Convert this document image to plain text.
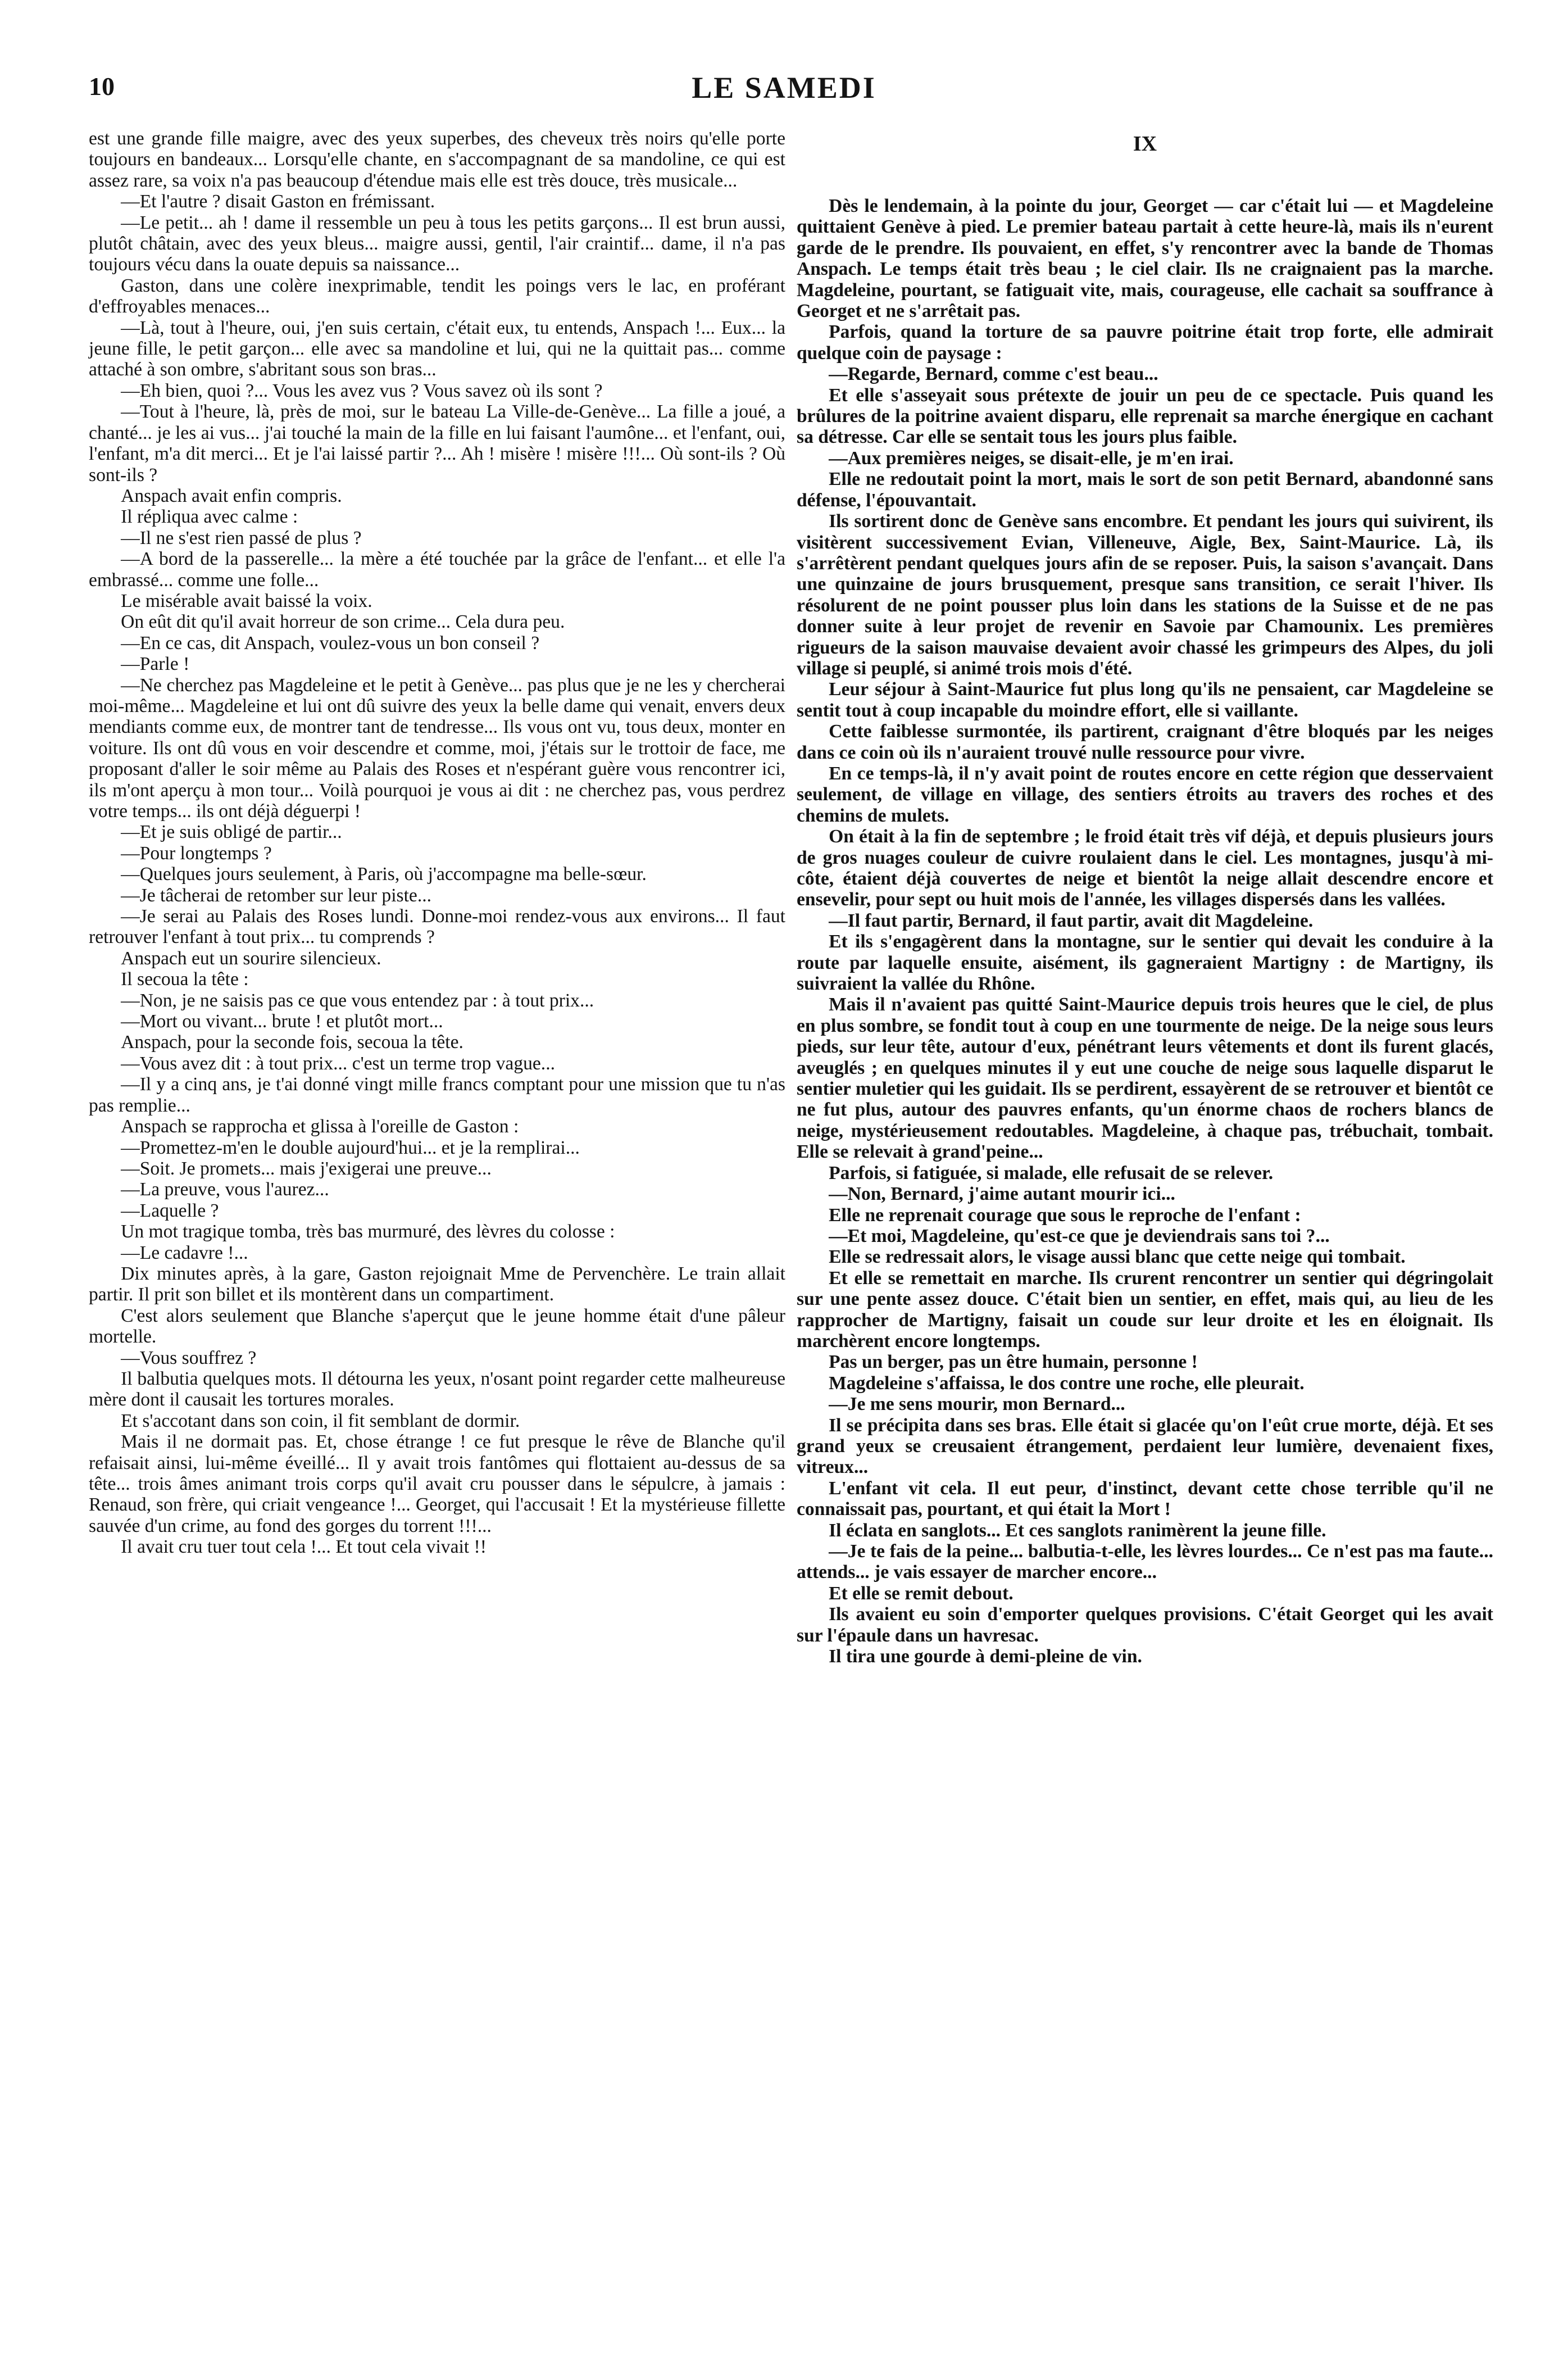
10	LE SAMEDI

est une grande fille maigre, avec des yeux superbes, des cheveux très noirs qu'elle porte toujours en bandeaux... Lorsqu'elle chante, en s'accompagnant de sa mandoline, ce qui est assez rare, sa voix n'a pas beaucoup d'étendue mais elle est très douce, très musicale...

—Et l'autre ? disait Gaston en frémissant.

—Le petit... ah ! dame il ressemble un peu à tous les petits garçons... Il est brun aussi, plutôt châtain, avec des yeux bleus... maigre aussi, gentil, l'air craintif... dame, il n'a pas toujours vécu dans la ouate depuis sa naissance...

Gaston, dans une colère inexprimable, tendit les poings vers le lac, en proférant d'effroyables menaces...

—Là, tout à l'heure, oui, j'en suis certain, c'était eux, tu entends, Anspach !... Eux... la jeune fille, le petit garçon... elle avec sa mandoline et lui, qui ne la quittait pas... comme attaché à son ombre, s'abritant sous son bras...

—Eh bien, quoi ?... Vous les avez vus ? Vous savez où ils sont ?

—Tout à l'heure, là, près de moi, sur le bateau La Ville-de-Genève... La fille a joué, a chanté... je les ai vus... j'ai touché la main de la fille en lui faisant l'aumône... et l'enfant, oui, l'enfant, m'a dit merci... Et je l'ai laissé partir ?... Ah ! misère ! misère !!!... Où sont-ils ? Où sont-ils ?

Anspach avait enfin compris.

Il répliqua avec calme :

—Il ne s'est rien passé de plus ?

—A bord de la passerelle... la mère a été touchée par la grâce de l'enfant... et elle l'a embrassé... comme une folle...

Le misérable avait baissé la voix.

On eût dit qu'il avait horreur de son crime... Cela dura peu.

—En ce cas, dit Anspach, voulez-vous un bon conseil ?

—Parle !

—Ne cherchez pas Magdeleine et le petit à Genève... pas plus que je ne les y chercherai moi-même... Magdeleine et lui ont dû suivre des yeux la belle dame qui venait, envers deux mendiants comme eux, de montrer tant de tendresse... Ils vous ont vu, tous deux, monter en voiture. Ils ont dû vous en voir descendre et comme, moi, j'étais sur le trottoir de face, me proposant d'aller le soir même au Palais des Roses et n'espérant guère vous rencontrer ici, ils m'ont aperçu à mon tour... Voilà pourquoi je vous ai dit : ne cherchez pas, vous perdrez votre temps... ils ont déjà déguerpi !

—Et je suis obligé de partir...

—Pour longtemps ?

—Quelques jours seulement, à Paris, où j'accompagne ma belle-sœur.

—Je tâcherai de retomber sur leur piste...

—Je serai au Palais des Roses lundi. Donne-moi rendez-vous aux environs... Il faut retrouver l'enfant à tout prix... tu comprends ?

Anspach eut un sourire silencieux.

Il secoua la tête :

—Non, je ne saisis pas ce que vous entendez par : à tout prix...

—Mort ou vivant... brute ! et plutôt mort...

Anspach, pour la seconde fois, secoua la tête.

—Vous avez dit : à tout prix... c'est un terme trop vague...

—Il y a cinq ans, je t'ai donné vingt mille francs comptant pour une mission que tu n'as pas remplie...

Anspach se rapprocha et glissa à l'oreille de Gaston :

—Promettez-m'en le double aujourd'hui... et je la remplirai...

—Soit. Je promets... mais j'exigerai une preuve...

—La preuve, vous l'aurez...

—Laquelle ?

Un mot tragique tomba, très bas murmuré, des lèvres du colosse :

—Le cadavre !...

Dix minutes après, à la gare, Gaston rejoignait Mme de Pervenchère. Le train allait partir. Il prit son billet et ils montèrent dans un compartiment.

C'est alors seulement que Blanche s'aperçut que le jeune homme était d'une pâleur mortelle.

—Vous souffrez ?

Il balbutia quelques mots. Il détourna les yeux, n'osant point regarder cette malheureuse mère dont il causait les tortures morales.

Et s'accotant dans son coin, il fit semblant de dormir.

Mais il ne dormait pas. Et, chose étrange ! ce fut presque le rêve de Blanche qu'il refaisait ainsi, lui-même éveillé... Il y avait trois fantômes qui flottaient au-dessus de sa tête... trois âmes animant trois corps qu'il avait cru pousser dans le sépulcre, à jamais : Renaud, son frère, qui criait vengeance !... Georget, qui l'accusait ! Et la mystérieuse fillette sauvée d'un crime, au fond des gorges du torrent !!!...

Il avait cru tuer tout cela !... Et tout cela vivait !!

IX

Dès le lendemain, à la pointe du jour, Georget — car c'était lui — et Magdeleine quittaient Genève à pied. Le premier bateau partait à cette heure-là, mais ils n'eurent garde de le prendre. Ils pouvaient, en effet, s'y rencontrer avec la bande de Thomas Anspach. Le temps était très beau ; le ciel clair. Ils ne craignaient pas la marche. Magdeleine, pourtant, se fatiguait vite, mais, courageuse, elle cachait sa souffrance à Georget et ne s'arrêtait pas.

Parfois, quand la torture de sa pauvre poitrine était trop forte, elle admirait quelque coin de paysage :

—Regarde, Bernard, comme c'est beau...

Et elle s'asseyait sous prétexte de jouir un peu de ce spectacle. Puis quand les brûlures de la poitrine avaient disparu, elle reprenait sa marche énergique en cachant sa détresse. Car elle se sentait tous les jours plus faible.

—Aux premières neiges, se disait-elle, je m'en irai.

Elle ne redoutait point la mort, mais le sort de son petit Bernard, abandonné sans défense, l'épouvantait.

Ils sortirent donc de Genève sans encombre. Et pendant les jours qui suivirent, ils visitèrent successivement Evian, Villeneuve, Aigle, Bex, Saint-Maurice. Là, ils s'arrêtèrent pendant quelques jours afin de se reposer. Puis, la saison s'avançait. Dans une quinzaine de jours brusquement, presque sans transition, ce serait l'hiver. Ils résolurent de ne point pousser plus loin dans les stations de la Suisse et de ne pas donner suite à leur projet de revenir en Savoie par Chamounix. Les premières rigueurs de la saison mauvaise devaient avoir chassé les grimpeurs des Alpes, du joli village si peuplé, si animé trois mois d'été.

Leur séjour à Saint-Maurice fut plus long qu'ils ne pensaient, car Magdeleine se sentit tout à coup incapable du moindre effort, elle si vaillante.

Cette faiblesse surmontée, ils partirent, craignant d'être bloqués par les neiges dans ce coin où ils n'auraient trouvé nulle ressource pour vivre.

En ce temps-là, il n'y avait point de routes encore en cette région que desservaient seulement, de village en village, des sentiers étroits au travers des roches et des chemins de mulets.

On était à la fin de septembre ; le froid était très vif déjà, et depuis plusieurs jours de gros nuages couleur de cuivre roulaient dans le ciel. Les montagnes, jusqu'à mi-côte, étaient déjà couvertes de neige et bientôt la neige allait descendre encore et ensevelir, pour sept ou huit mois de l'année, les villages dispersés dans les vallées.

—Il faut partir, Bernard, il faut partir, avait dit Magdeleine.

Et ils s'engagèrent dans la montagne, sur le sentier qui devait les conduire à la route par laquelle ensuite, aisément, ils gagneraient Martigny : de Martigny, ils suivraient la vallée du Rhône.

Mais il n'avaient pas quitté Saint-Maurice depuis trois heures que le ciel, de plus en plus sombre, se fondit tout à coup en une tourmente de neige. De la neige sous leurs pieds, sur leur tête, autour d'eux, pénétrant leurs vêtements et dont ils furent glacés, aveuglés ; en quelques minutes il y eut une couche de neige sous laquelle disparut le sentier muletier qui les guidait. Ils se perdirent, essayèrent de se retrouver et bientôt ce ne fut plus, autour des pauvres enfants, qu'un énorme chaos de rochers blancs de neige, mystérieusement redoutables. Magdeleine, à chaque pas, trébuchait, tombait. Elle se relevait à grand'peine...

Parfois, si fatiguée, si malade, elle refusait de se relever.

—Non, Bernard, j'aime autant mourir ici...

Elle ne reprenait courage que sous le reproche de l'enfant :

—Et moi, Magdeleine, qu'est-ce que je deviendrais sans toi ?...

Elle se redressait alors, le visage aussi blanc que cette neige qui tombait.

Et elle se remettait en marche. Ils crurent rencontrer un sentier qui dégringolait sur une pente assez douce. C'était bien un sentier, en effet, mais qui, au lieu de les rapprocher de Martigny, faisait un coude sur leur droite et les en éloignait. Ils marchèrent encore longtemps.

Pas un berger, pas un être humain, personne !

Magdeleine s'affaissa, le dos contre une roche, elle pleurait.

—Je me sens mourir, mon Bernard...

Il se précipita dans ses bras. Elle était si glacée qu'on l'eût crue morte, déjà. Et ses grand yeux se creusaient étrangement, perdaient leur lumière, devenaient fixes, vitreux...

L'enfant vit cela. Il eut peur, d'instinct, devant cette chose terrible qu'il ne connaissait pas, pourtant, et qui était la Mort !

Il éclata en sanglots... Et ces sanglots ranimèrent la jeune fille.

—Je te fais de la peine... balbutia-t-elle, les lèvres lourdes... Ce n'est pas ma faute... attends... je vais essayer de marcher encore...

Et elle se remit debout.

Ils avaient eu soin d'emporter quelques provisions. C'était Georget qui les avait sur l'épaule dans un havresac.

Il tira une gourde à demi-pleine de vin.
